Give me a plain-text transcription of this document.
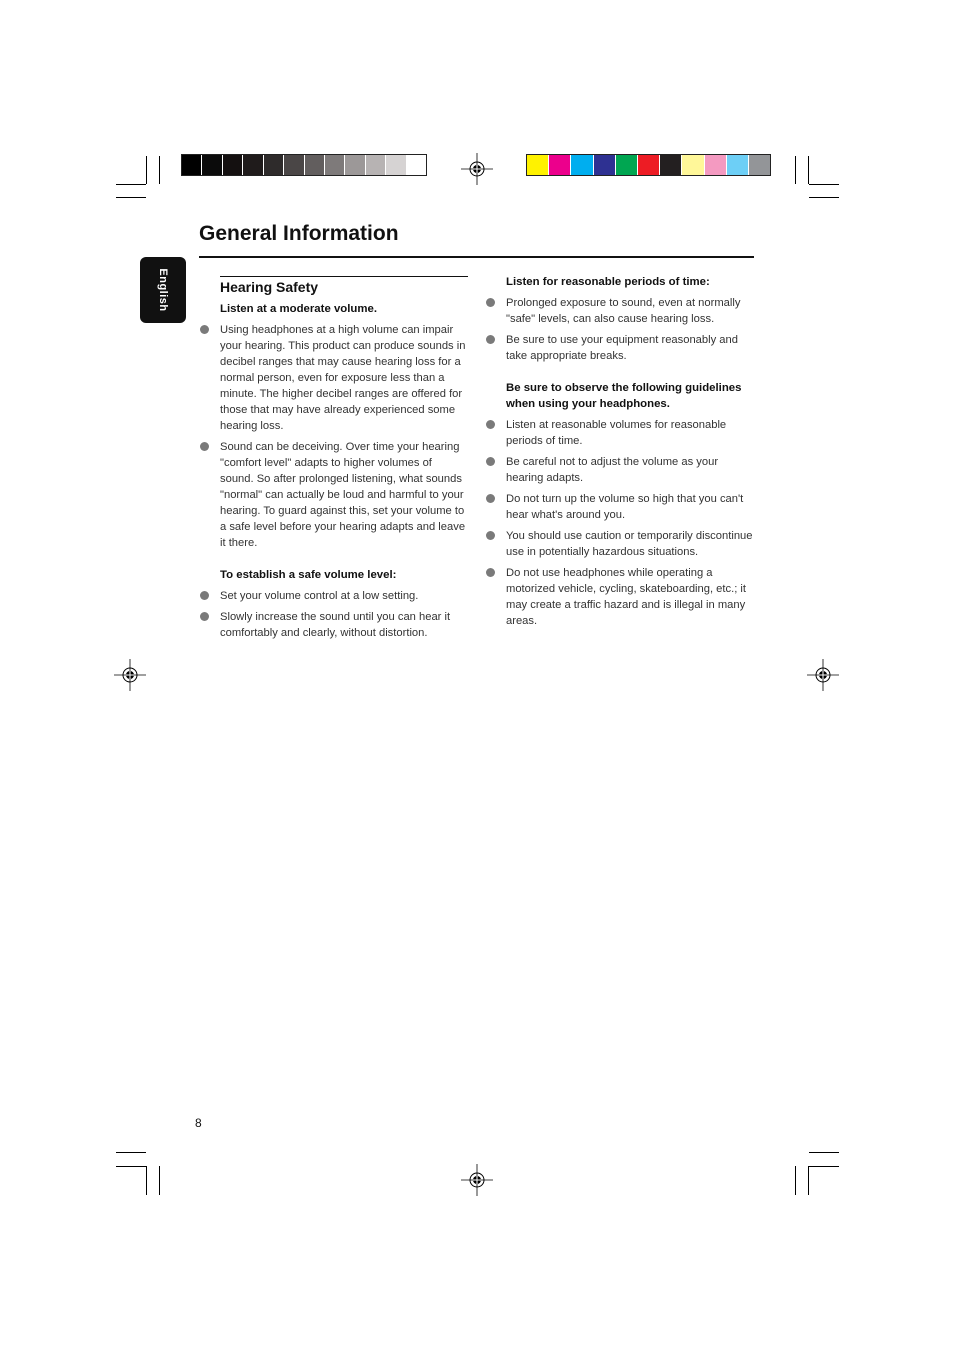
General Information
English	Hearing Safety
Listen at a moderate volume.
Using headphones at a high volume can impair your hearing. This product can produce sounds in decibel ranges that may cause hearing loss for a normal person, even for exposure less than a minute. The higher decibel ranges are offered for those that may have already experienced some hearing loss.
Sound can be deceiving. Over time your hearing "comfort level" adapts to higher volumes of sound. So after prolonged listening, what sounds "normal" can actually be loud and harmful to your hearing. To guard against this, set your volume to a safe level before your hearing adapts and leave it there.
To establish a safe volume level:
Set your volume control at a low setting.
Slowly increase the sound until you can hear it comfortably and clearly, without distortion.
Listen for reasonable periods of time:
Prolonged exposure to sound, even at normally "safe" levels, can also cause hearing loss.
Be sure to use your equipment reasonably and take appropriate breaks.
Be sure to observe the following guidelines when using your headphones.
Listen at reasonable volumes for reasonable periods of time.
Be careful not to adjust the volume as your hearing adapts.
Do not turn up the volume so high that you can't hear what's around you.
You should use caution or temporarily discontinue use in potentially hazardous situations.
Do not use headphones while operating a motorized vehicle, cycling, skateboarding, etc.; it may create a traffic hazard and is illegal in many areas.
8
